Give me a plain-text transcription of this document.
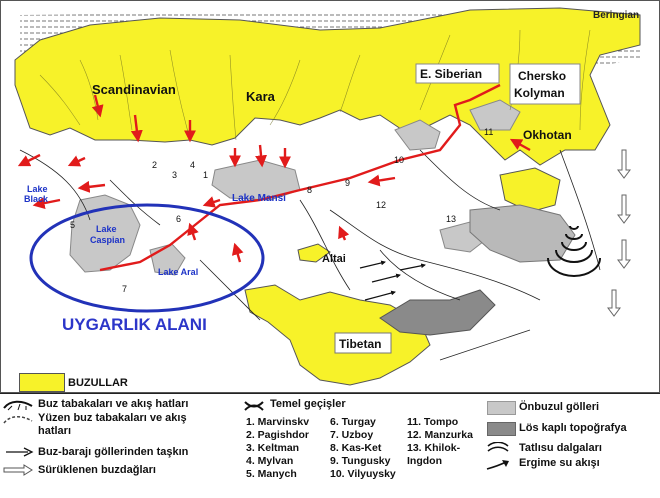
Beringian
Scandinavian	Kara
E. Siberian	Chersko
Kolyman
Okhotan
Lake Mansi
Lake
Black
Lake
Caspian
Lake Aral
Altai
Tibetan
UYGARLIK ALANI
1
2
3
4
5
6
7
8
9
10
11
12
13
BUZULLAR
Buz tabakaları ve akış hatları
Yüzen buz tabakaları ve akış
hatları
Buz-barajı göllerinden taşkın
Sürüklenen buzdağları
Temel geçişler
1. Marvinskv
2. Pagishdor
3. Keltman
4. Mylvan
5. Manych
6. Turgay
7. Uzboy
8. Kas-Ket
9. Tungusky
10. Vilyuysky
11. Tompo
12. Manzurka
13. Khilok-
Ingdon
Önbuzul gölleri
Lös kaplı topoğrafya
Tatlısu dalgaları
Ergime su akışı
